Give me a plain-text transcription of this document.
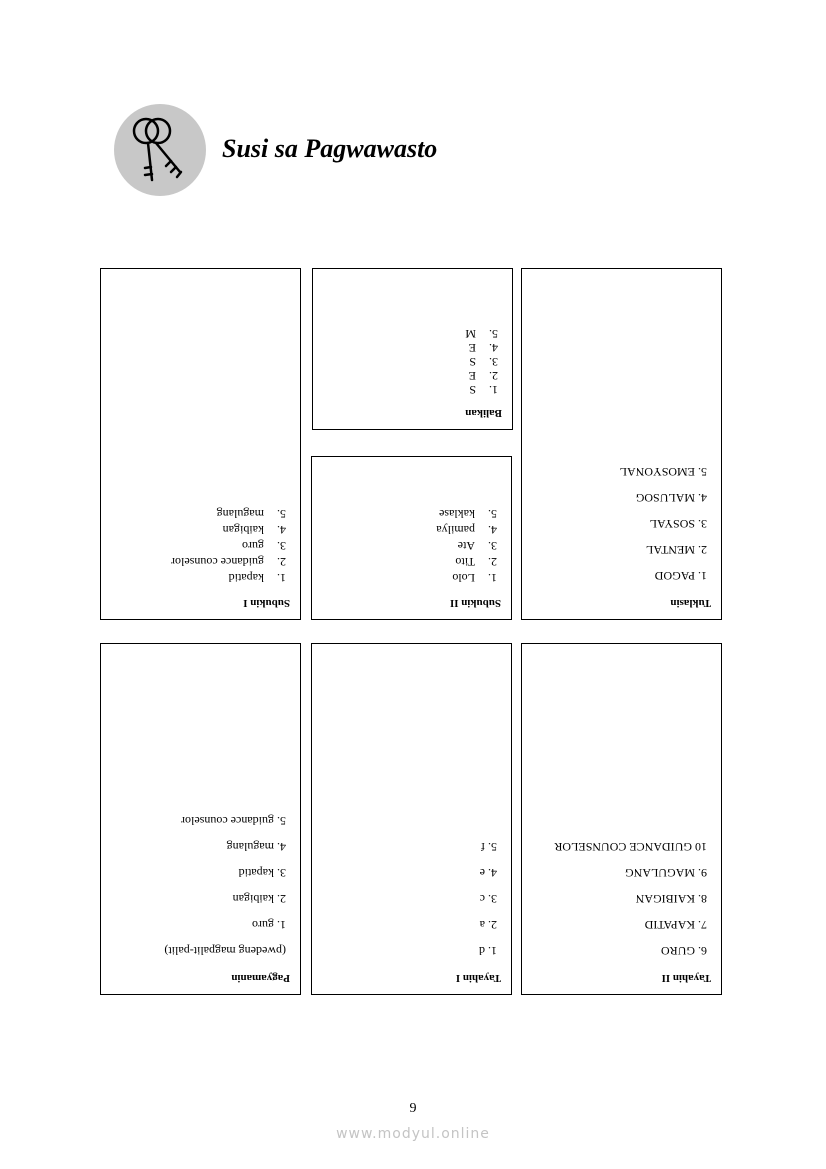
Susi sa Pagwawasto
Subukin I
1.kapatid
2.guidance counselor
3.guro
4.kaibigan
5.magulang
Balikan
1.S
2.E
3.S
4.E
5.M
Subukin II
1.Lolo
2.Tito
3.Ate
4.pamilya
5.kaklase
Tuklasin
1. PAGOD
2. MENTAL
3. SOSYAL
4. MALUSOG
5. EMOSYONAL
Pagyamanin
(pwedeng magpalit-palit)
1. guro
2. kaibigan
3. kapatid
4. magulang
5. guidance counselor
Tayahin I
1. d
2. a
3. c
4. e
5. f
Tayahin II
6. GURO
7. KAPATID
8. KAIBIGAN
9. MAGULANG
10 GUIDANCE COUNSELOR
9
www.modyul.online
